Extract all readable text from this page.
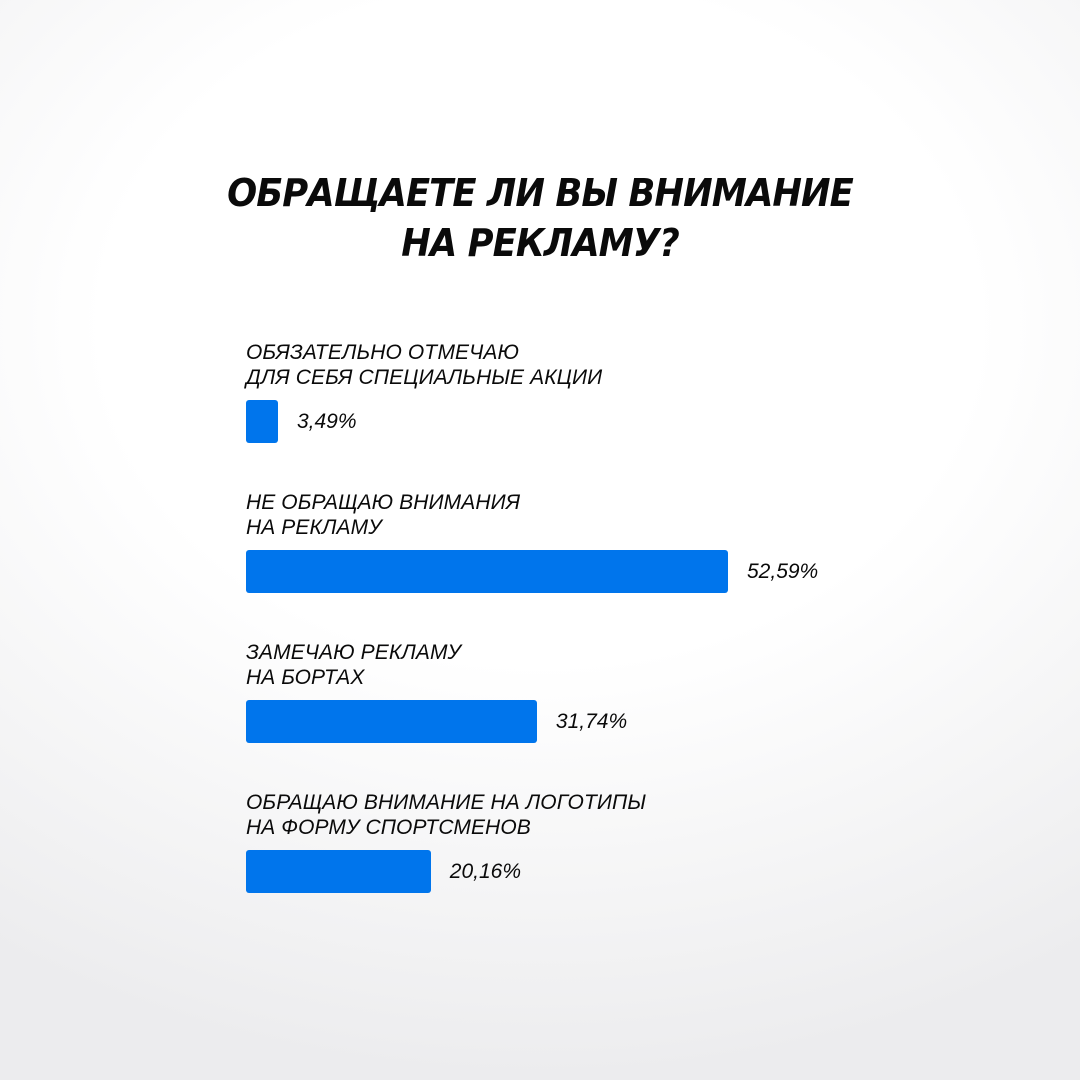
ОБРАЩАЕТЕ ЛИ ВЫ ВНИМАНИЕ
НА РЕКЛАМУ?
ОБЯЗАТЕЛЬНО ОТМЕЧАЮ
ДЛЯ СЕБЯ СПЕЦИАЛЬНЫЕ АКЦИИ
3,49%
НЕ ОБРАЩАЮ ВНИМАНИЯ
НА РЕКЛАМУ
52,59%
ЗАМЕЧАЮ РЕКЛАМУ
НА БОРТАХ
31,74%
ОБРАЩАЮ ВНИМАНИЕ НА ЛОГОТИПЫ
НА ФОРМУ СПОРТСМЕНОВ
20,16%
